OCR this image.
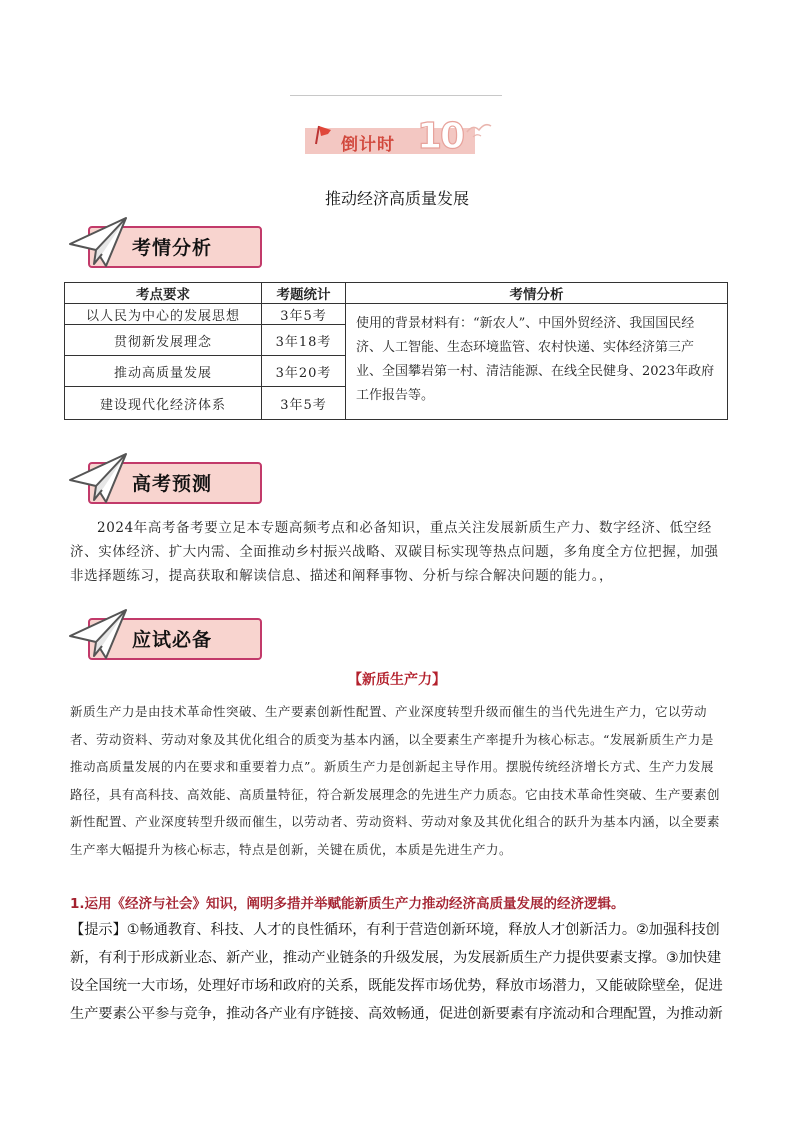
倒计时 10
推动经济高质量发展
考情分析
考点要求	考题统计	考情分析
以人民为中心的发展思想	3年5考	使用的背景材料有：“新农人”、中国外贸经济、我国国民经济、人工智能、生态环境监管、农村快递、实体经济第三产业、全国攀岩第一村、清洁能源、在线全民健身、2023年政府工作报告等。
贯彻新发展理念	3年18考	
推动高质量发展	3年20考	
建设现代化经济体系	3年5考	
高考预测
2024年高考备考要立足本专题高频考点和必备知识，重点关注发展新质生产力、数字经济、低空经济、实体经济、扩大内需、全面推动乡村振兴战略、双碳目标实现等热点问题，多角度全方位把握，加强非选择题练习，提高获取和解读信息、描述和阐释事物、分析与综合解决问题的能力。，
应试必备
【新质生产力】
新质生产力是由技术革命性突破、生产要素创新性配置、产业深度转型升级而催生的当代先进生产力，它以劳动者、劳动资料、劳动对象及其优化组合的质变为基本内涵，以全要素生产率提升为核心标志。“发展新质生产力是推动高质量发展的内在要求和重要着力点”。新质生产力是创新起主导作用。摆脱传统经济增长方式、生产力发展路径，具有高科技、高效能、高质量特征，符合新发展理念的先进生产力质态。它由技术革命性突破、生产要素创新性配置、产业深度转型升级而催生，以劳动者、劳动资料、劳动对象及其优化组合的跃升为基本内涵，以全要素生产率大幅提升为核心标志，特点是创新，关键在质优，本质是先进生产力。
1.运用《经济与社会》知识，阐明多措并举赋能新质生产力推动经济高质量发展的经济逻辑。
【提示】①畅通教育、科技、人才的良性循环，有利于营造创新环境，释放人才创新活力。②加强科技创新，有利于形成新业态、新产业，推动产业链条的升级发展，为发展新质生产力提供要素支撑。③加快建设全国统一大市场，处理好市场和政府的关系，既能发挥市场优势，释放市场潜力，又能破除壁垒，促进生产要素公平参与竞争，推动各产业有序链接、高效畅通，促进创新要素有序流动和合理配置，为推动新
